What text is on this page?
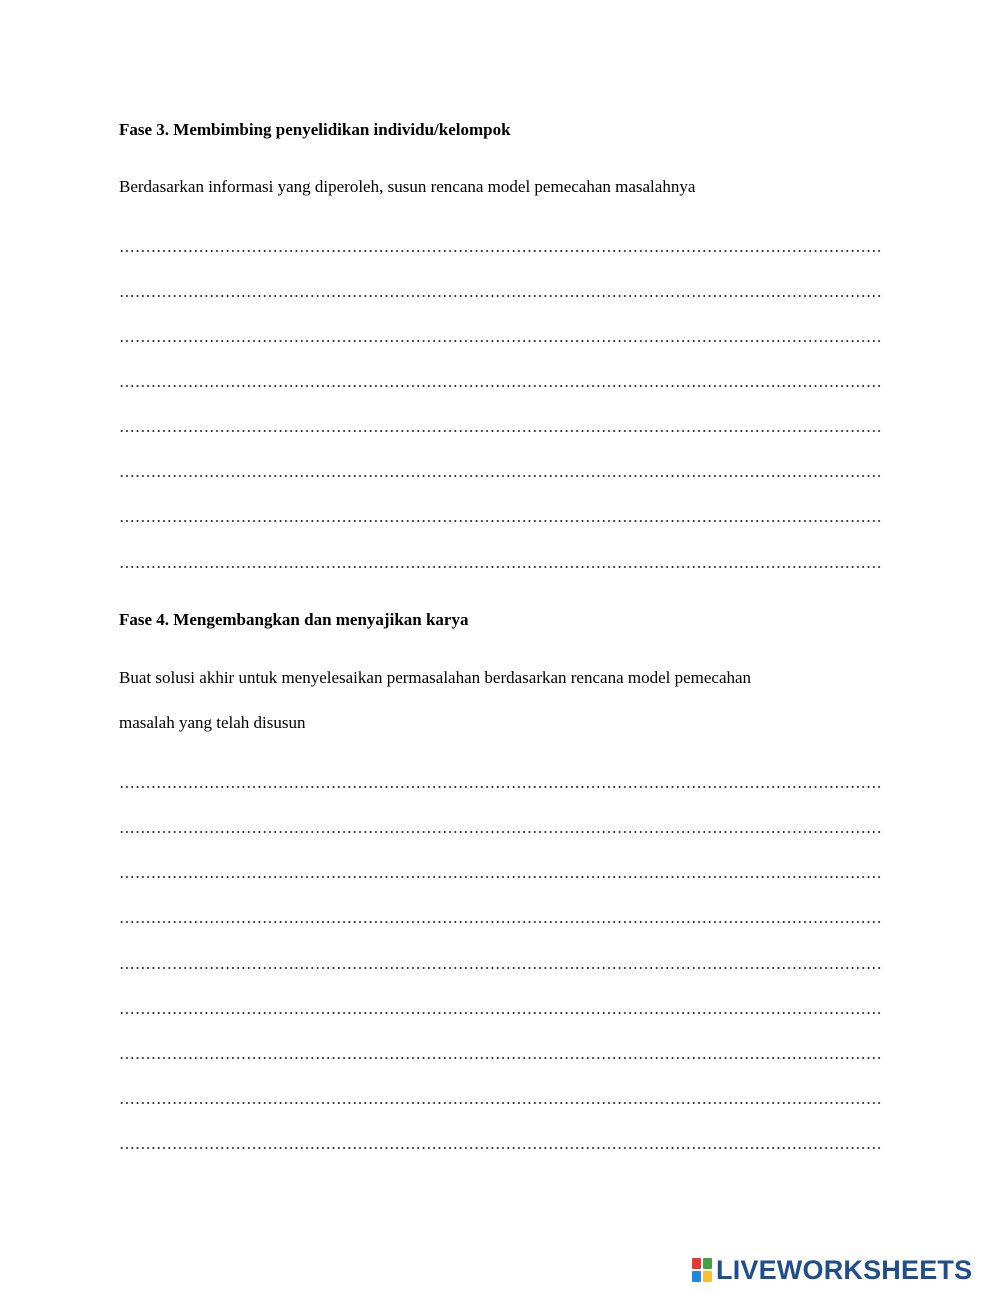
Fase 3. Membimbing penyelidikan individu/kelompok
Berdasarkan informasi yang diperoleh, susun rencana model pemecahan masalahnya
Fase 4. Mengembangkan dan menyajikan karya
Buat solusi akhir untuk menyelesaikan permasalahan berdasarkan rencana model pemecahan
masalah yang telah disusun
LIVEWORKSHEETS
